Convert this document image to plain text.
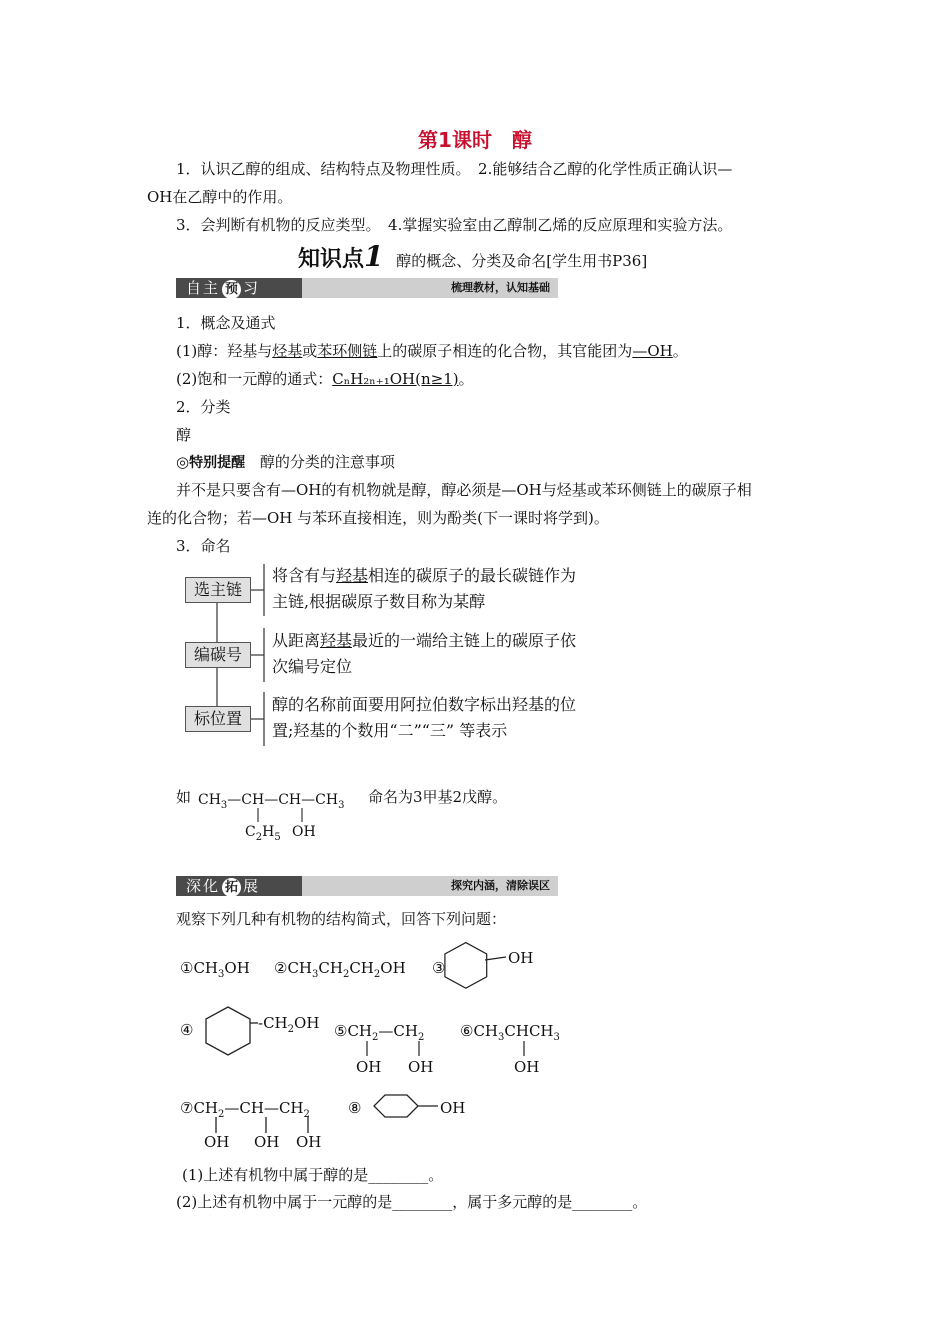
第1课时　醇
1．认识乙醇的组成、结构特点及物理性质。　2.能够结合乙醇的化学性质正确认识—
OH在乙醇中的作用。
3．会判断有机物的反应类型。　4.掌握实验室由乙醇制乙烯的反应原理和实验方法。
知识点1 醇的概念、分类及命名[学生用书P36]
自主 预 习	梳理教材，认知基础
1．概念及通式
(1)醇：羟基与烃基或苯环侧链上的碳原子相连的化合物，其官能团为—OH。
(2)饱和一元醇的通式：CₙH₂ₙ₊₁OH(n≥1)。
2．分类
醇
◎特别提醒 醇的分类的注意事项
并不是只要含有—OH的有机物就是醇，醇必须是—OH与烃基或苯环侧链上的碳原子相
连的化合物；若—OH 与苯环直接相连，则为酚类(下一课时将学到)。
3．命名
选主链
将含有与羟基相连的碳原子的最长碳链作为
主链,根据碳原子数目称为某醇
编碳号
从距离羟基最近的一端给主链上的碳原子依
次编号定位
标位置
醇的名称前面要用阿拉伯数字标出羟基的位
置;羟基的个数用“二”“三” 等表示
如	命名为3甲基2戊醇。
$CH_3—CH—CH—CH_3$
$C_2H_5$ OH
深化 拓 展	探究内涵，清除误区
观察下列几种有机物的结构简式，回答下列问题：
$①CH_3OH$ $②CH_3CH_2CH_2OH$ ③
OH
④	$-CH_2OH$
$⑦CH_2—CH—CH_2$
OH OH OH
⑧	OH
$⑤CH_2—CH_2$
OH OH
$⑥CH_3CHCH_3$
OH
(1)上述有机物中属于醇的是________。
(2)上述有机物中属于一元醇的是________，属于多元醇的是________。
